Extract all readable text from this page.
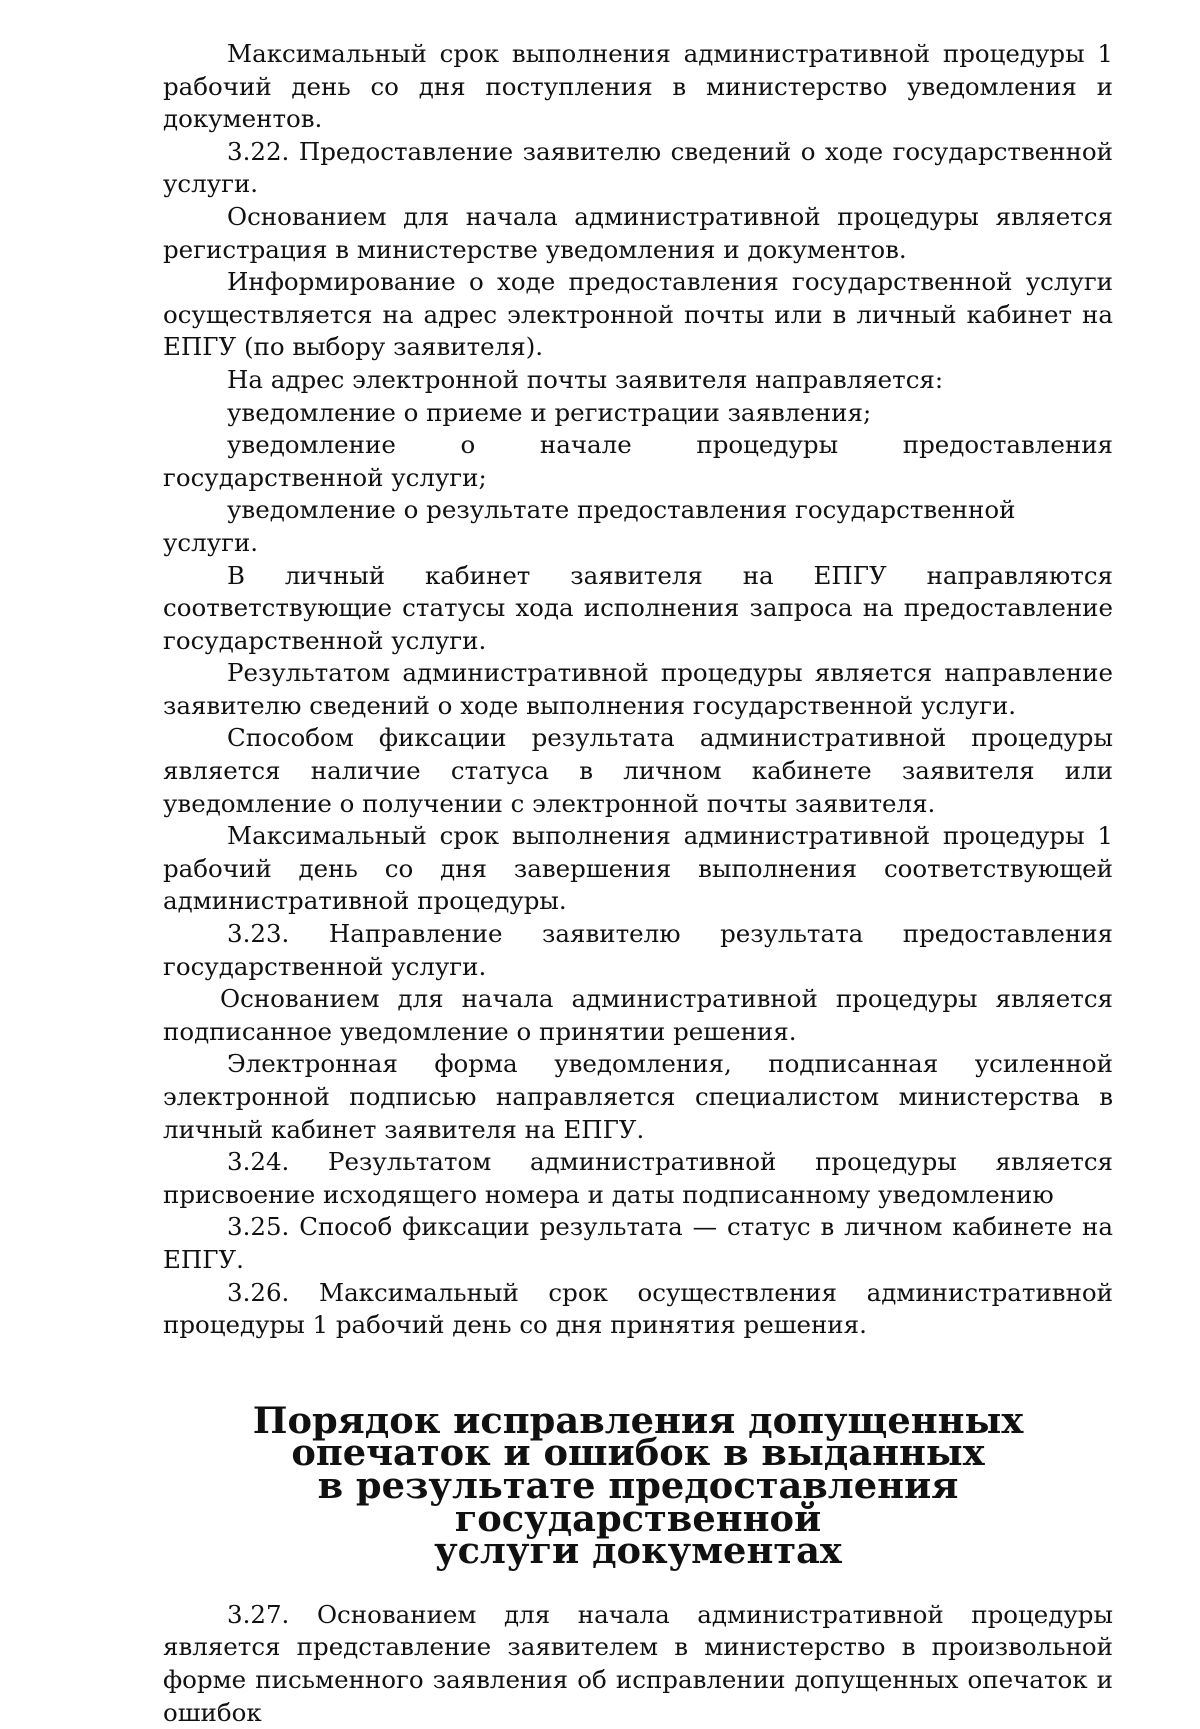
Максимальный срок выполнения административной процедуры 1 рабочий день со дня поступления в министерство уведомления и документов.

3.22. Предоставление заявителю сведений о ходе государственной услуги.

Основанием для начала административной процедуры является регистрация в министерстве уведомления и документов.

Информирование о ходе предоставления государственной услуги осуществляется на адрес электронной почты или в личный кабинет на ЕПГУ (по выбору заявителя).

На адрес электронной почты заявителя направляется:

уведомление о приеме и регистрации заявления;

уведомление о начале процедуры предоставления государственной услуги;

уведомление о результате предоставления государственной услуги.

В личный кабинет заявителя на ЕПГУ направляются соответствующие статусы хода исполнения запроса на предоставление государственной услуги.

Результатом административной процедуры является направление заявителю сведений о ходе выполнения государственной услуги.

Способом фиксации результата административной процедуры является наличие статуса в личном кабинете заявителя или уведомление о получении с электронной почты заявителя.

Максимальный срок выполнения административной процедуры 1 рабочий день со дня завершения выполнения соответствующей административной процедуры.

3.23. Направление заявителю результата предоставления государственной услуги.

Основанием для начала административной процедуры является подписанное уведомление о принятии решения.

Электронная форма уведомления, подписанная усиленной электронной подписью направляется специалистом министерства в личный кабинет заявителя на ЕПГУ.

3.24. Результатом административной процедуры является присвоение исходящего номера и даты подписанному уведомлению

3.25. Способ фиксации результата — статус в личном кабинете на ЕПГУ.

3.26. Максимальный срок осуществления административной процедуры 1 рабочий день со дня принятия решения.

Порядок исправления допущенных опечаток и ошибок в выданных
в результате предоставления государственной
услуги документах

3.27. Основанием для начала административной процедуры является представление заявителем в министерство в произвольной форме письменного заявления об исправлении допущенных опечаток и ошибок
